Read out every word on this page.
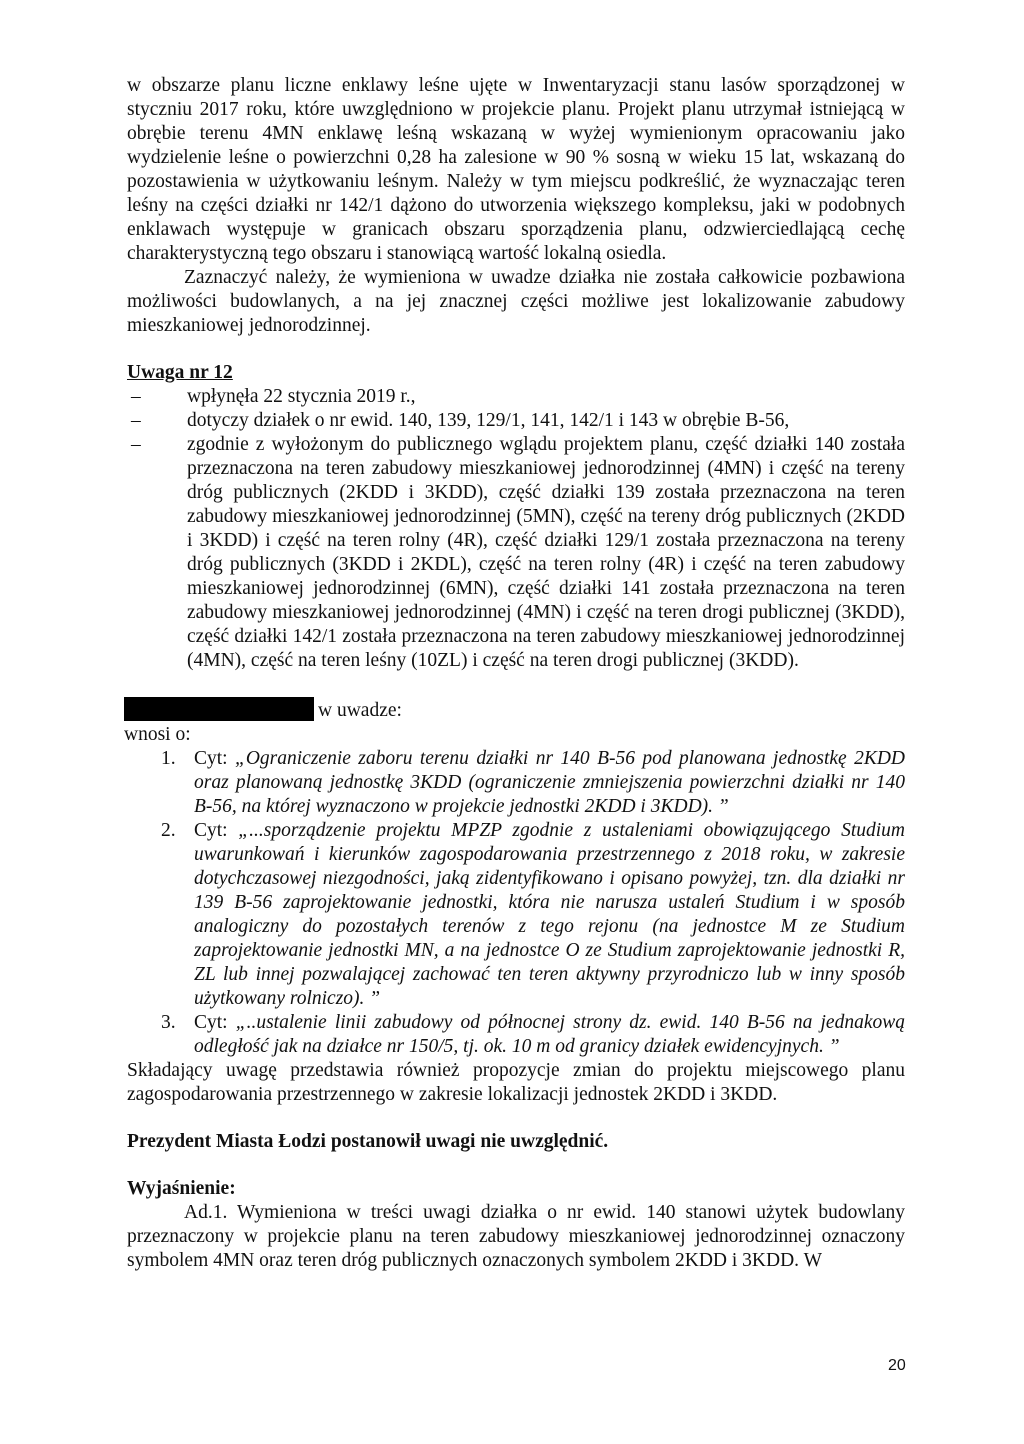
w obszarze planu liczne enklawy leśne ujęte w Inwentaryzacji stanu lasów sporządzonej w styczniu 2017 roku, które uwzględniono w projekcie planu. Projekt planu utrzymał istniejącą w obrębie terenu 4MN enklawę leśną wskazaną w wyżej wymienionym opracowaniu jako wydzielenie leśne o powierzchni 0,28 ha zalesione w 90 % sosną w wieku 15 lat, wskazaną do pozostawienia w użytkowaniu leśnym. Należy w tym miejscu podkreślić, że wyznaczając teren leśny na części działki nr 142/1 dążono do utworzenia większego kompleksu, jaki w podobnych enklawach występuje w granicach obszaru sporządzenia planu, odzwierciedlającą cechę charakterystyczną tego obszaru i stanowiącą wartość lokalną osiedla.

Zaznaczyć należy, że wymieniona w uwadze działka nie została całkowicie pozbawiona możliwości budowlanych, a na jej znacznej części możliwe jest lokalizowanie zabudowy mieszkaniowej jednorodzinnej.

Uwaga nr 12

– wpłynęła 22 stycznia 2019 r.,
– dotyczy działek o nr ewid. 140, 139, 129/1, 141, 142/1 i 143 w obrębie B-56,
– zgodnie z wyłożonym do publicznego wglądu projektem planu, część działki 140 została przeznaczona na teren zabudowy mieszkaniowej jednorodzinnej (4MN) i część na tereny dróg publicznych (2KDD i 3KDD), część działki 139 została przeznaczona na teren zabudowy mieszkaniowej jednorodzinnej (5MN), część na tereny dróg publicznych (2KDD i 3KDD) i część na teren rolny (4R), część działki 129/1 została przeznaczona na tereny dróg publicznych (3KDD i 2KDL), część na teren rolny (4R) i część na teren zabudowy mieszkaniowej jednorodzinnej (6MN), część działki 141 została przeznaczona na teren zabudowy mieszkaniowej jednorodzinnej (4MN) i część na teren drogi publicznej (3KDD), część działki 142/1 została przeznaczona na teren zabudowy mieszkaniowej jednorodzinnej (4MN), część na teren leśny (10ZL) i część na teren drogi publicznej (3KDD).

w uwadze:

wnosi o:

1. Cyt: „Ograniczenie zaboru terenu działki nr 140 B-56 pod planowana jednostkę 2KDD oraz planowaną jednostkę 3KDD (ograniczenie zmniejszenia powierzchni działki nr 140 B-56, na której wyznaczono w projekcie jednostki 2KDD i 3KDD). ”
2. Cyt: „...sporządzenie projektu MPZP zgodnie z ustaleniami obowiązującego Studium uwarunkowań i kierunków zagospodarowania przestrzennego z 2018 roku, w zakresie dotychczasowej niezgodności, jaką zidentyfikowano i opisano powyżej, tzn. dla działki nr 139 B-56 zaprojektowanie jednostki, która nie narusza ustaleń Studium i w sposób analogiczny do pozostałych terenów z tego rejonu (na jednostce M ze Studium zaprojektowanie jednostki MN, a na jednostce O ze Studium zaprojektowanie jednostki R, ZL lub innej pozwalającej zachować ten teren aktywny przyrodniczo lub w inny sposób użytkowany rolniczo). ”
3. Cyt: „..ustalenie linii zabudowy od północnej strony dz. ewid. 140 B-56 na jednakową odległość jak na działce nr 150/5, tj. ok. 10 m od granicy działek ewidencyjnych. ”

Składający uwagę przedstawia również propozycje zmian do projektu miejscowego planu zagospodarowania przestrzennego w zakresie lokalizacji jednostek 2KDD i 3KDD.

Prezydent Miasta Łodzi postanowił uwagi nie uwzględnić.

Wyjaśnienie:

Ad.1. Wymieniona w treści uwagi działka o nr ewid. 140 stanowi użytek budowlany przeznaczony w projekcie planu na teren zabudowy mieszkaniowej jednorodzinnej oznaczony symbolem 4MN oraz teren dróg publicznych oznaczonych symbolem 2KDD i 3KDD. W

20
